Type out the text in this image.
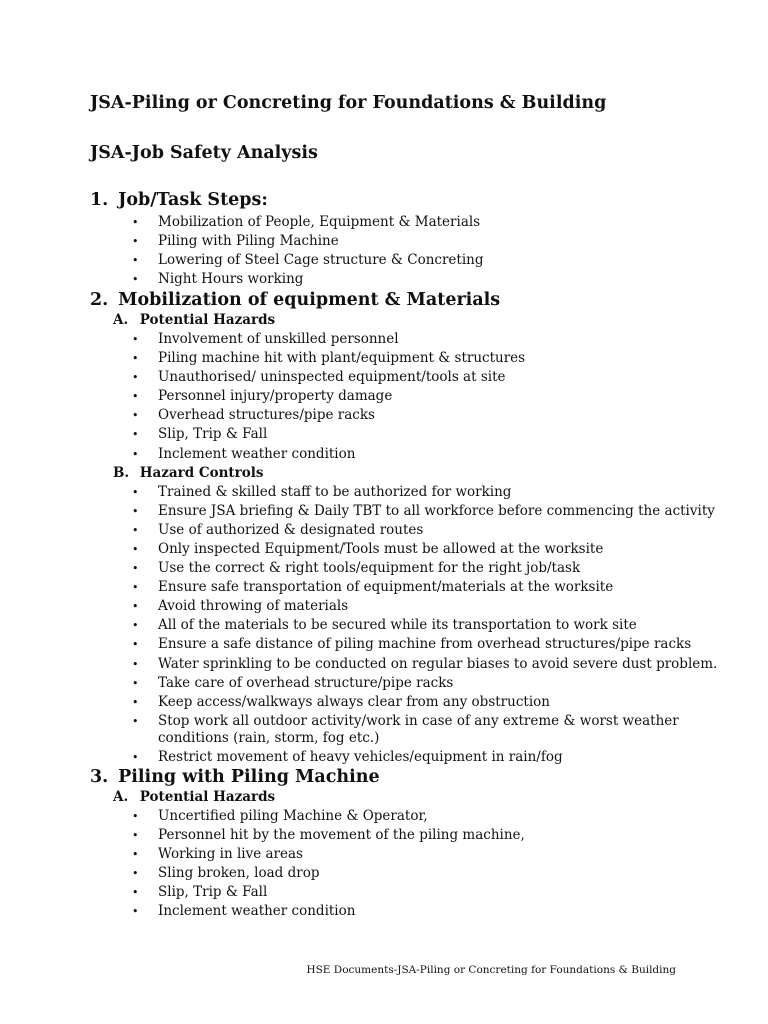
JSA-Piling or Concreting for Foundations & Building
JSA-Job Safety Analysis
1. Job/Task Steps:
• Mobilization of People, Equipment & Materials
• Piling with Piling Machine
• Lowering of Steel Cage structure & Concreting
• Night Hours working
2. Mobilization of equipment & Materials
A. Potential Hazards
• Involvement of unskilled personnel
• Piling machine hit with plant/equipment & structures
• Unauthorised/ uninspected equipment/tools at site
• Personnel injury/property damage
• Overhead structures/pipe racks
• Slip, Trip & Fall
• Inclement weather condition
B. Hazard Controls
• Trained & skilled staff to be authorized for working
• Ensure JSA briefing & Daily TBT to all workforce before commencing the activity
• Use of authorized & designated routes
• Only inspected Equipment/Tools must be allowed at the worksite
• Use the correct & right tools/equipment for the right job/task
• Ensure safe transportation of equipment/materials at the worksite
• Avoid throwing of materials
• All of the materials to be secured while its transportation to work site
• Ensure a safe distance of piling machine from overhead structures/pipe racks
• Water sprinkling to be conducted on regular biases to avoid severe dust problem.
• Take care of overhead structure/pipe racks
• Keep access/walkways always clear from any obstruction
• Stop work all outdoor activity/work in case of any extreme & worst weather
conditions (rain, storm, fog etc.)
• Restrict movement of heavy vehicles/equipment in rain/fog
3. Piling with Piling Machine
A. Potential Hazards
• Uncertified piling Machine & Operator,
• Personnel hit by the movement of the piling machine,
• Working in live areas
• Sling broken, load drop
• Slip, Trip & Fall
• Inclement weather condition
HSE Documents-JSA-Piling or Concreting for Foundations & Building
